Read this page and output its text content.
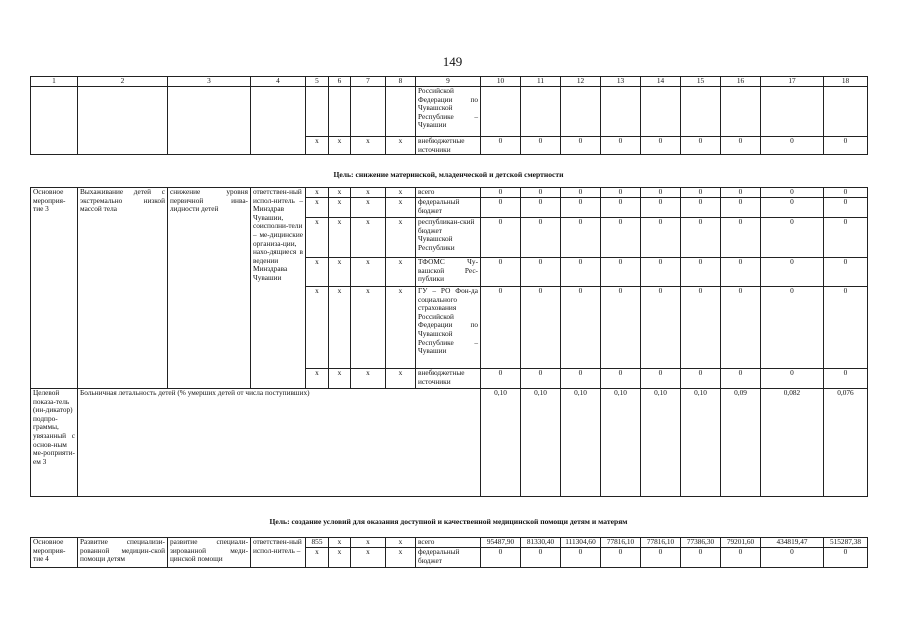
149
1	2	3	4	5	6	7	8	9	10	11	12	13	14	15	16	17	18
								Российской Федерации по Чувашской Республике – Чувашии									
				х	х	х	х	внебюджетные источники	0	0	0	0	0	0	0	0	0
Цель: снижение материнской, младенческой и детской смертности
Основное мероприя-тие 3	Выхаживание детей с экстремально низкой массой тела	снижение уровня первичной инва-лидности детей	ответствен-ный испол-нитель – Минздрав Чувашии, соисполни-тели – ме-дицинские организа-ции, нахо-дящиеся в ведении Минздрава Чувашии	х	х	х	х	всего	0	0	0	0	0	0	0	0	0
				х	х	х	х	федеральный бюджет	0	0	0	0	0	0	0	0	0
				х	х	х	х	республикан-ский бюджет Чувашской Республики	0	0	0	0	0	0	0	0	0
				х	х	х	х	ТФОМС Чу-вашской Рес-публики	0	0	0	0	0	0	0	0	0
				х	х	х	х	ГУ – РО Фон-да социального страхования Российской Федерации по Чувашской Республике – Чувашии	0	0	0	0	0	0	0	0	0
				х	х	х	х	внебюджетные источники	0	0	0	0	0	0	0	0	0
Целевой показа-тель (ин-дикатор) подпро-граммы, увязанный с основ-ным ме-роприяти-ем 3	Больничная летальность детей (% умерших детей от числа поступивших)								0,10	0,10	0,10	0,10	0,10	0,10	0,09	0,082	0,076
Цель: создание условий для оказания доступной и качественной медицинской помощи детям и матерям
Основное мероприя-тие 4	Развитие специализи-рованной медицин-ской помощи детям	развитие специали-зированной меди-цинской помощи	ответствен-ный испол-нитель –	855	х	х	х	всего	95487,90	81330,40	111304,60	77816,10	77816,10	77386,30	79201,60	434819,47	515287,38
				х	х	х	х	федеральный бюджет	0	0	0	0	0	0	0	0	0
